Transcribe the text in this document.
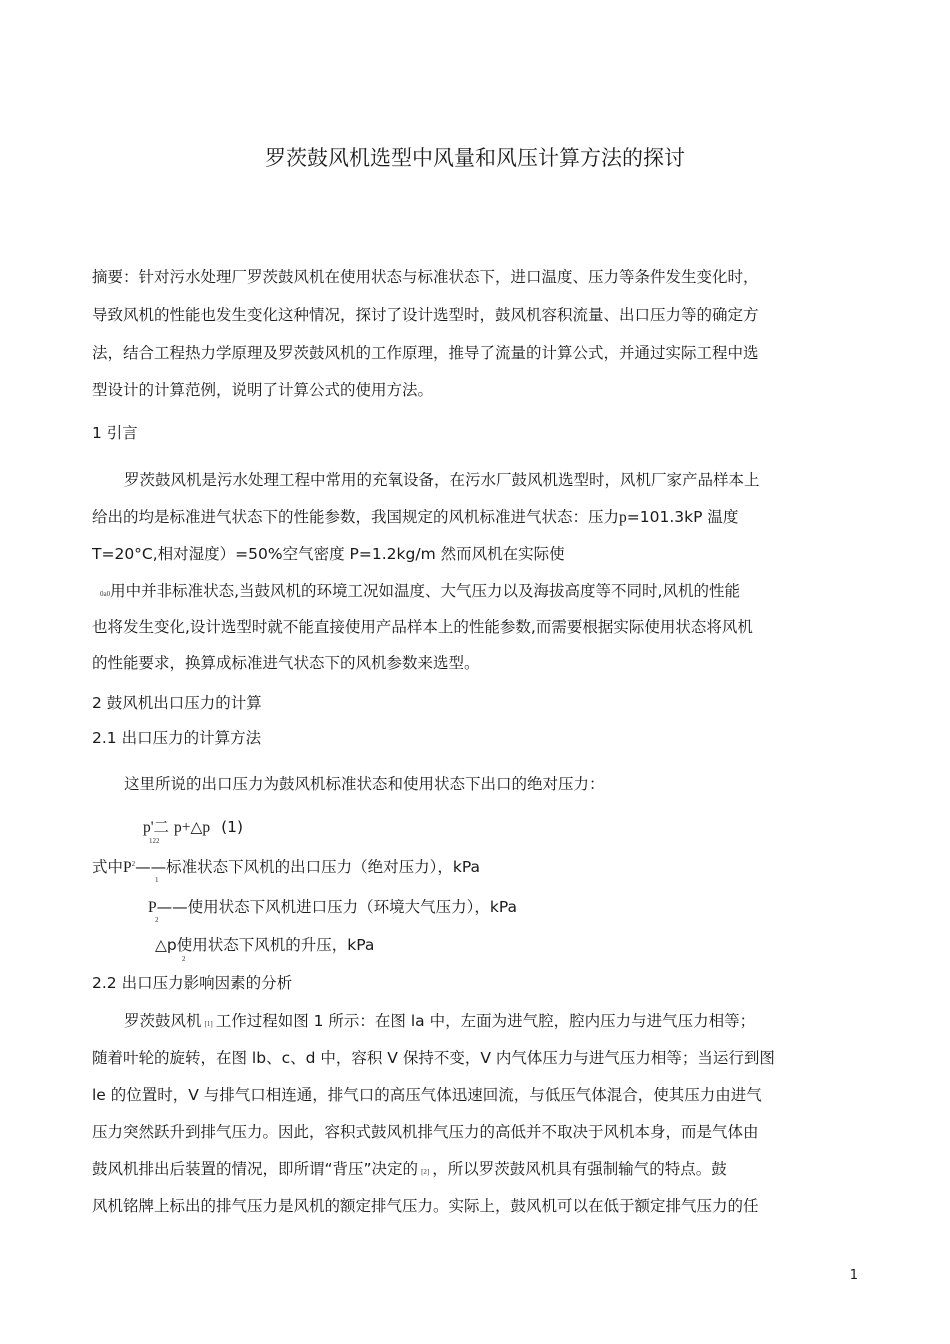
罗茨鼓风机选型中风量和风压计算方法的探讨
摘要：针对污水处理厂罗茨鼓风机在使用状态与标准状态下，进口温度、压力等条件发生变化时，
导致风机的性能也发生变化这种情况，探讨了设计选型时，鼓风机容积流量、出口压力等的确定方
法，结合工程热力学原理及罗茨鼓风机的工作原理，推导了流量的计算公式，并通过实际工程中选
型设计的计算范例，说明了计算公式的使用方法。
1 引言
罗茨鼓风机是污水处理工程中常用的充氧设备，在污水厂鼓风机选型时，风机厂家产品样本上
给出的均是标准进气状态下的性能参数，我国规定的风机标准进气状态：压力p=101.3kP 温度
T=20°C,相对湿度）=50%空气密度 P=1.2kg/m 然而风机在实际使
0a0用中并非标准状态,当鼓风机的环境工况如温度、大气压力以及海拔高度等不同时,风机的性能
也将发生变化,设计选型时就不能直接使用产品样本上的性能参数,而需要根据实际使用状态将风机
的性能要求，换算成标准进气状态下的风机参数来选型。
2 鼓风机出口压力的计算
2.1 出口压力的计算方法
这里所说的出口压力为鼓风机标准状态和使用状态下出口的绝对压力：
p'二 p+△p (1)
122
式中$P^2——$标准状态下风机的出口压力（绝对压力），kPa
1
P——使用状态下风机进口压力（环境大气压力），kPa
2
△p使用状态下风机的升压，kPa
2
2.2 出口压力影响因素的分析
罗茨鼓风机 [1] 工作过程如图 1 所示：在图 la 中，左面为进气腔，腔内压力与进气压力相等；
随着叶轮的旋转，在图 lb、c、d 中，容积 V 保持不变，V 内气体压力与进气压力相等；当运行到图
le 的位置时，V 与排气口相连通，排气口的高压气体迅速回流，与低压气体混合，使其压力由进气
压力突然跃升到排气压力。因此，容积式鼓风机排气压力的高低并不取决于风机本身，而是气体由
鼓风机排出后装置的情况，即所谓“背压”决定的 [2] ，所以罗茨鼓风机具有强制输气的特点。鼓
风机铭牌上标出的排气压力是风机的额定排气压力。实际上，鼓风机可以在低于额定排气压力的任
1
